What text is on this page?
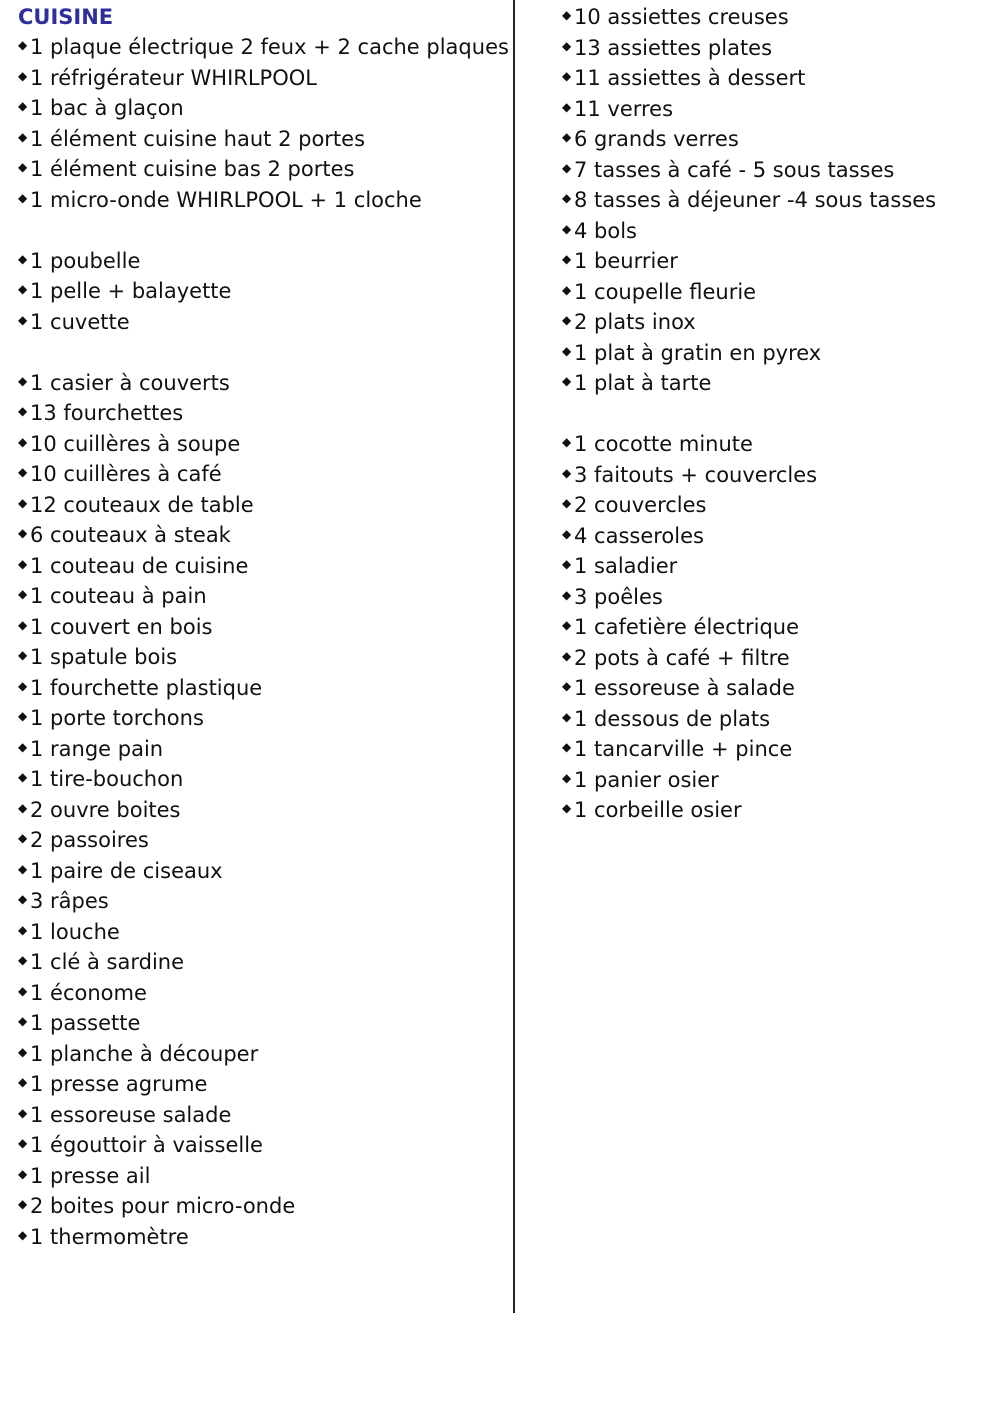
CUISINE
◆ 1 plaque électrique 2 feux + 2 cache plaques
◆ 1 réfrigérateur WHIRLPOOL
◆ 1 bac à glaçon
◆ 1 élément cuisine haut 2 portes
◆ 1 élément cuisine bas 2 portes
◆ 1 micro-onde WHIRLPOOL + 1 cloche
◆ 1 poubelle
◆ 1 pelle + balayette
◆ 1 cuvette
◆ 1 casier à couverts
◆ 13 fourchettes
◆ 10 cuillères à soupe
◆ 10 cuillères à café
◆ 12 couteaux de table
◆ 6 couteaux à steak
◆ 1 couteau de cuisine
◆ 1 couteau à pain
◆ 1 couvert en bois
◆ 1 spatule bois
◆ 1 fourchette plastique
◆ 1 porte torchons
◆ 1 range pain
◆ 1 tire-bouchon
◆ 2 ouvre boites
◆ 2 passoires
◆ 1 paire de ciseaux
◆ 3 râpes
◆ 1 louche
◆ 1 clé à sardine
◆ 1 économe
◆ 1 passette
◆ 1 planche à découper
◆ 1 presse agrume
◆ 1 essoreuse salade
◆ 1 égouttoir à vaisselle
◆ 1 presse ail
◆ 2 boites pour micro-onde
◆ 1 thermomètre
◆ 10 assiettes creuses
◆ 13 assiettes plates
◆ 11 assiettes à dessert
◆ 11 verres
◆ 6 grands verres
◆ 7 tasses à café - 5 sous tasses
◆ 8 tasses à déjeuner -4 sous tasses
◆ 4 bols
◆ 1 beurrier
◆ 1 coupelle fleurie
◆ 2 plats inox
◆ 1 plat à gratin en pyrex
◆ 1 plat à tarte
◆ 1 cocotte minute
◆ 3 faitouts + couvercles
◆ 2 couvercles
◆ 4 casseroles
◆ 1 saladier
◆ 3 poêles
◆ 1 cafetière électrique
◆ 2 pots à café + filtre
◆ 1 essoreuse à salade
◆ 1 dessous de plats
◆ 1 tancarville + pince
◆ 1 panier osier
◆ 1 corbeille osier
